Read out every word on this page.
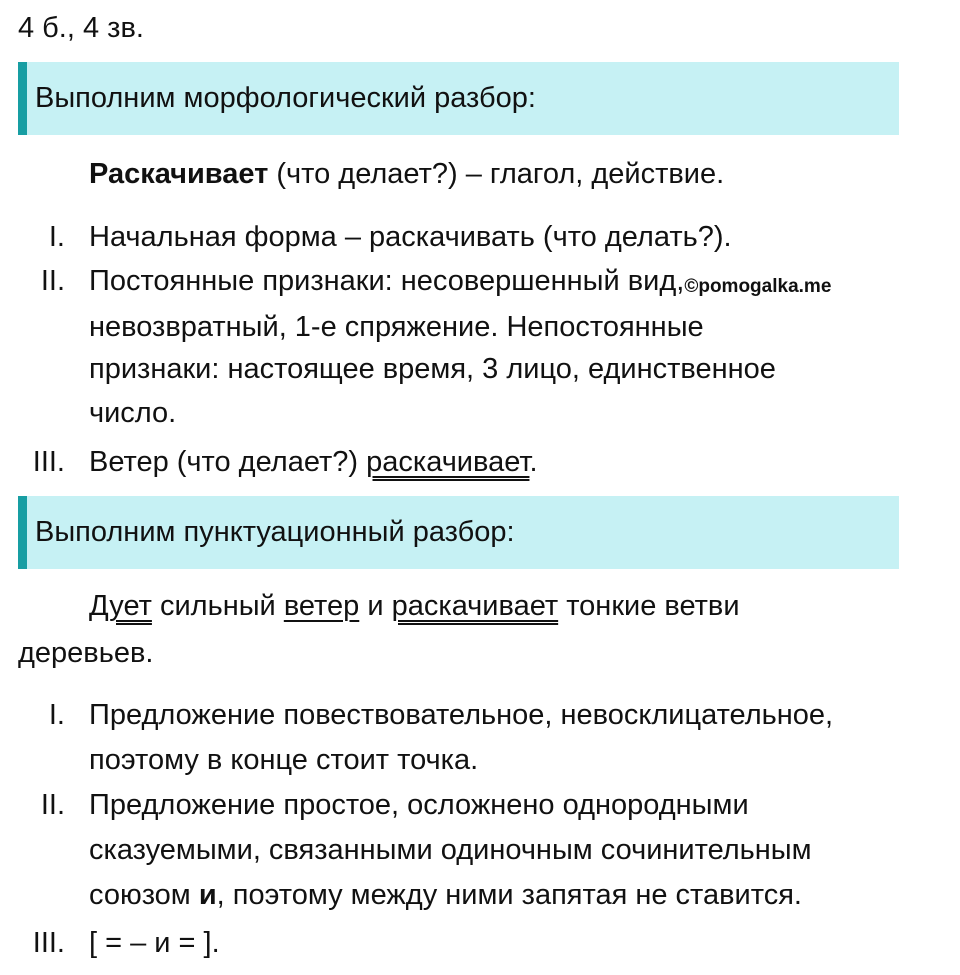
4 б., 4 зв.
Выполним морфологический разбор:
Раскачивает (что делает?) – глагол, действие.
I. Начальная форма – раскачивать (что делать?).
II. Постоянные признаки: несовершенный вид,©pomogalka.me
невозвратный, 1-е спряжение. Непостоянные
признаки: настоящее время, 3 лицо, единственное
число.
III. Ветер (что делает?) раскачивает.
Выполним пунктуационный разбор:
Дует сильный ветер и раскачивает тонкие ветви
деревьев.
I. Предложение повествовательное, невосклицательное,
поэтому в конце стоит точка.
II. Предложение простое, осложнено однородными
сказуемыми, связанными одиночным сочинительным
союзом и, поэтому между ними запятая не ставится.
III. [ = – и = ].
